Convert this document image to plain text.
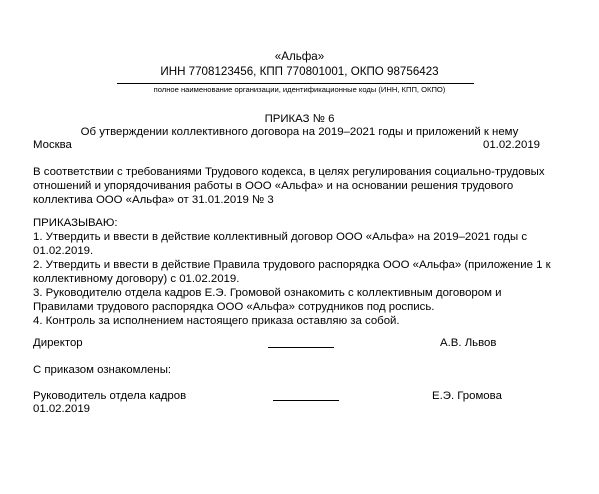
«Альфа»
ИНН 7708123456, КПП 770801001, ОКПО 98756423
полное наименование организации, идентификационные коды (ИНН, КПП, ОКПО)
ПРИКАЗ № 6
Об утверждении коллективного договора на 2019–2021 годы и приложений к нему
Москва	01.02.2019
В соответствии с требованиями Трудового кодекса, в целях регулирования социально-трудовых
отношений и упорядочивания работы в ООО «Альфа» и на основании решения трудового
коллектива ООО «Альфа» от 31.01.2019 № 3
ПРИКАЗЫВАЮ:
1. Утвердить и ввести в действие коллективный договор ООО «Альфа» на 2019–2021 годы с
01.02.2019.
2. Утвердить и ввести в действие Правила трудового распорядка ООО «Альфа» (приложение 1 к
коллективному договору) с 01.02.2019.
3. Руководителю отдела кадров Е.Э. Громовой ознакомить с коллективным договором и
Правилами трудового распорядка ООО «Альфа» сотрудников под роспись.
4. Контроль за исполнением настоящего приказа оставляю за собой.
Директор	А.В. Львов
С приказом ознакомлены:
Руководитель отдела кадров	Е.Э. Громова
01.02.2019
